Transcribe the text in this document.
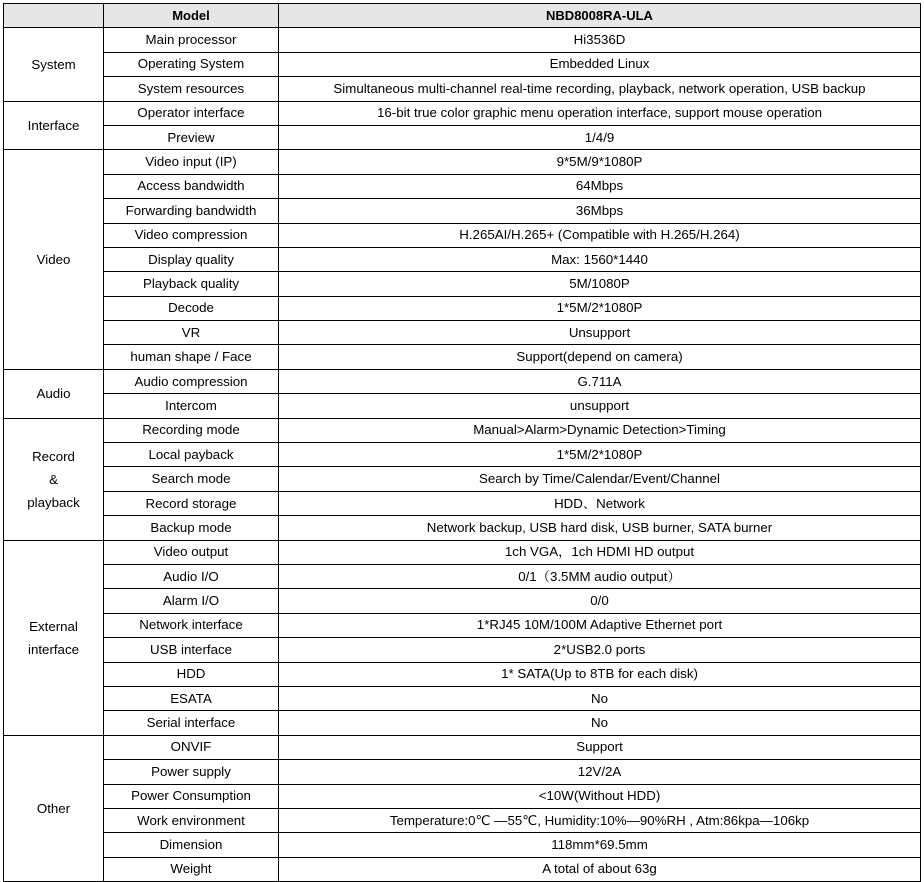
	Model	NBD8008RA-ULA

System	Main processor	Hi3536D
	Operating System	Embedded Linux
	System resources	Simultaneous multi-channel real-time recording, playback, network operation, USB backup

Interface	Operator interface	16-bit true color graphic menu operation interface, support mouse operation
	Preview	1/4/9

Video	Video input (IP)	9*5M/9*1080P
	Access bandwidth	64Mbps
	Forwarding bandwidth	36Mbps
	Video compression	H.265AI/H.265+ (Compatible with H.265/H.264)
	Display quality	Max: 1560*1440
	Playback quality	5M/1080P
	Decode	1*5M/2*1080P
	VR	Unsupport
	human shape / Face	Support(depend on camera)

Audio	Audio compression	G.711A
	Intercom	unsupport

Record
&
playback	Recording mode	Manual>Alarm>Dynamic Detection>Timing
	Local payback	1*5M/2*1080P
	Search mode	Search by Time/Calendar/Event/Channel
	Record storage	HDD、Network
	Backup mode	Network backup, USB hard disk, USB burner, SATA burner

External
interface	Video output	1ch VGA，1ch HDMI HD output
	Audio I/O	0/1（3.5MM audio output）
	Alarm I/O	0/0
	Network interface	1*RJ45 10M/100M Adaptive Ethernet port
	USB interface	2*USB2.0 ports
	HDD	1* SATA(Up to 8TB for each disk)
	ESATA	No
	Serial interface	No

Other	ONVIF	Support
	Power supply	12V/2A
	Power Consumption	<10W(Without HDD)
	Work environment	Temperature:0℃ —55℃, Humidity:10%—90%RH , Atm:86kpa—106kp
	Dimension	118mm*69.5mm
	Weight	A total of about 63g
